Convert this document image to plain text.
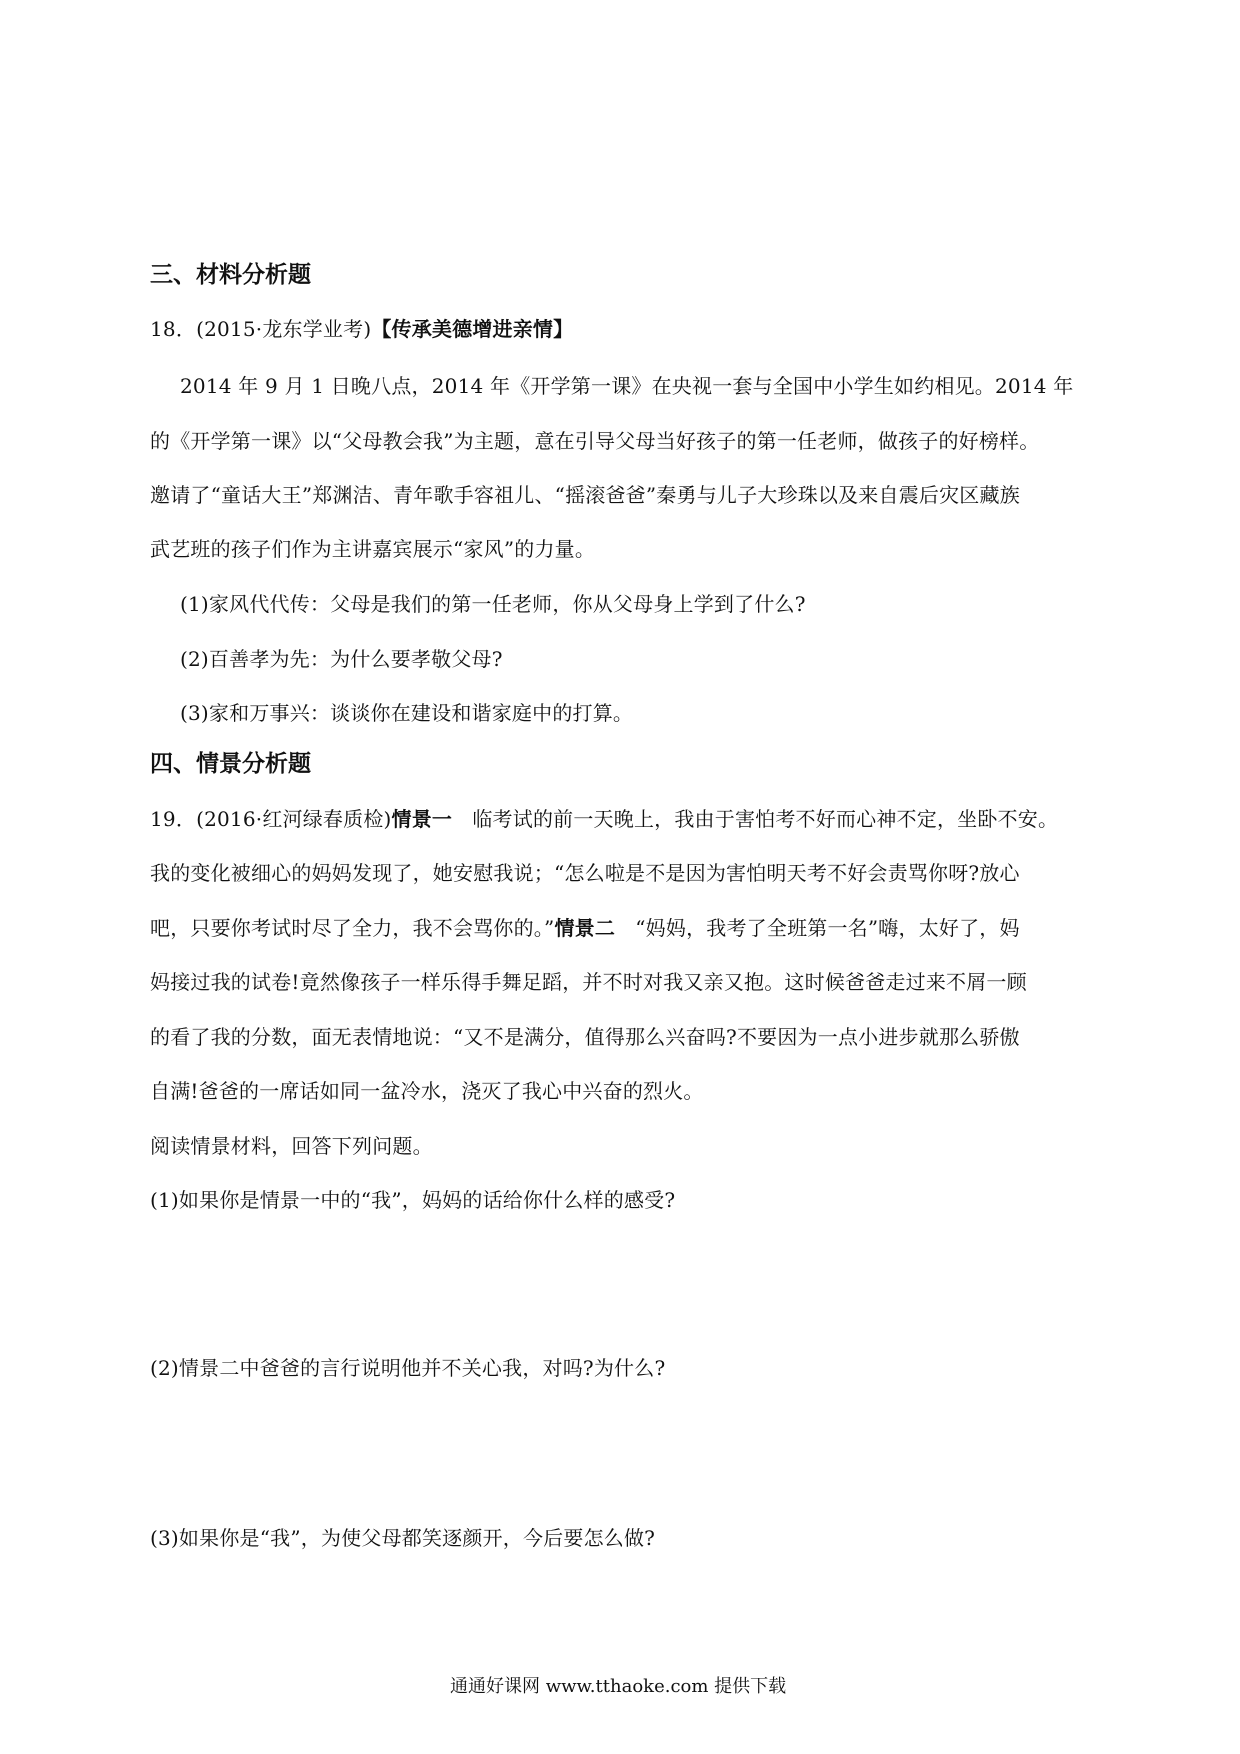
三、材料分析题
18．(2015·龙东学业考)【传承美德增进亲情】
2014 年 9 月 1 日晚八点，2014 年《开学第一课》在央视一套与全国中小学生如约相见。2014 年
的《开学第一课》以“父母教会我”为主题，意在引导父母当好孩子的第一任老师，做孩子的好榜样。
邀请了“童话大王”郑渊洁、青年歌手容祖儿、“摇滚爸爸”秦勇与儿子大珍珠以及来自震后灾区藏族
武艺班的孩子们作为主讲嘉宾展示“家风”的力量。
(1)家风代代传：父母是我们的第一任老师，你从父母身上学到了什么?
(2)百善孝为先：为什么要孝敬父母?
(3)家和万事兴：谈谈你在建设和谐家庭中的打算。
四、情景分析题
19．(2016·红河绿春质检)情景一　临考试的前一天晚上，我由于害怕考不好而心神不定，坐卧不安。
我的变化被细心的妈妈发现了，她安慰我说；“怎么啦是不是因为害怕明天考不好会责骂你呀?放心
吧，只要你考试时尽了全力，我不会骂你的。”情景二　“妈妈，我考了全班第一名”嗨，太好了，妈
妈接过我的试卷!竟然像孩子一样乐得手舞足蹈，并不时对我又亲又抱。这时候爸爸走过来不屑一顾
的看了我的分数，面无表情地说：“又不是满分，值得那么兴奋吗?不要因为一点小进步就那么骄傲
自满!爸爸的一席话如同一盆冷水，浇灭了我心中兴奋的烈火。
阅读情景材料，回答下列问题。
(1)如果你是情景一中的“我”，妈妈的话给你什么样的感受?
(2)情景二中爸爸的言行说明他并不关心我，对吗?为什么?
(3)如果你是“我”，为使父母都笑逐颜开，今后要怎么做?
通通好课网 www.tthaoke.com 提供下载
